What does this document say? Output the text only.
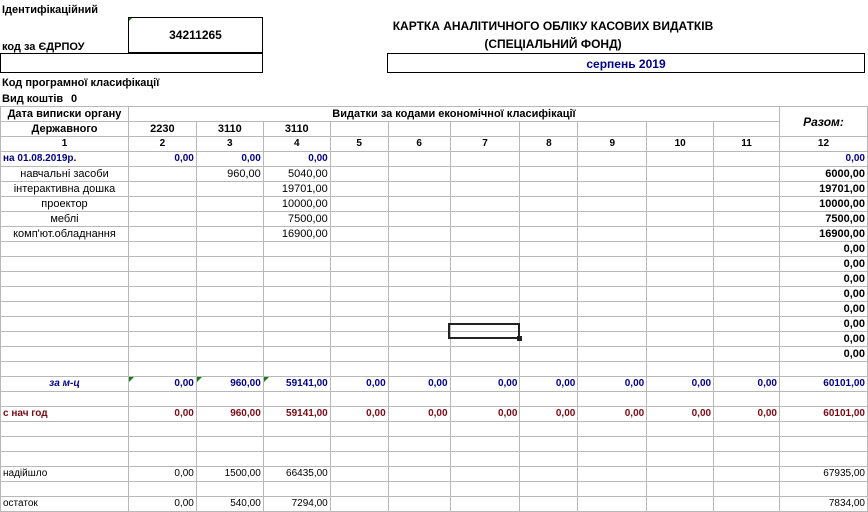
Ідентифікаційний
код за ЄДРПОУ
34211265
КАРТКА АНАЛІТИЧНОГО ОБЛІКУ КАСОВИХ ВИДАТКІВ
(СПЕЦІАЛЬНИЙ ФОНД)
серпень 2019
Код програмної класифікації
Вид коштів 0
Дата виписки органу	Видатки за кодами економічної класифікації										Разом:
Державного	2230	3110	3110								
1	2	3	4	5	6	7	8	9	10	11	12
на 01.08.2019р.	0,00	0,00	0,00								0,00
навчальні засоби		960,00	5040,00								6000,00
інтерактивна дошка			19701,00								19701,00
проектор			10000,00								10000,00
меблі			7500,00								7500,00
комп'ют.обладнання			16900,00								16900,00
											0,00
											0,00
											0,00
											0,00
											0,00
											0,00
											0,00
											0,00

за м-ц	0,00	960,00	59141,00	0,00	0,00	0,00	0,00	0,00	0,00	0,00	60101,00

с нач год	0,00	960,00	59141,00	0,00	0,00	0,00	0,00	0,00	0,00	0,00	60101,00

надійшло	0,00	1500,00	66435,00								67935,00

остаток	0,00	540,00	7294,00								7834,00
